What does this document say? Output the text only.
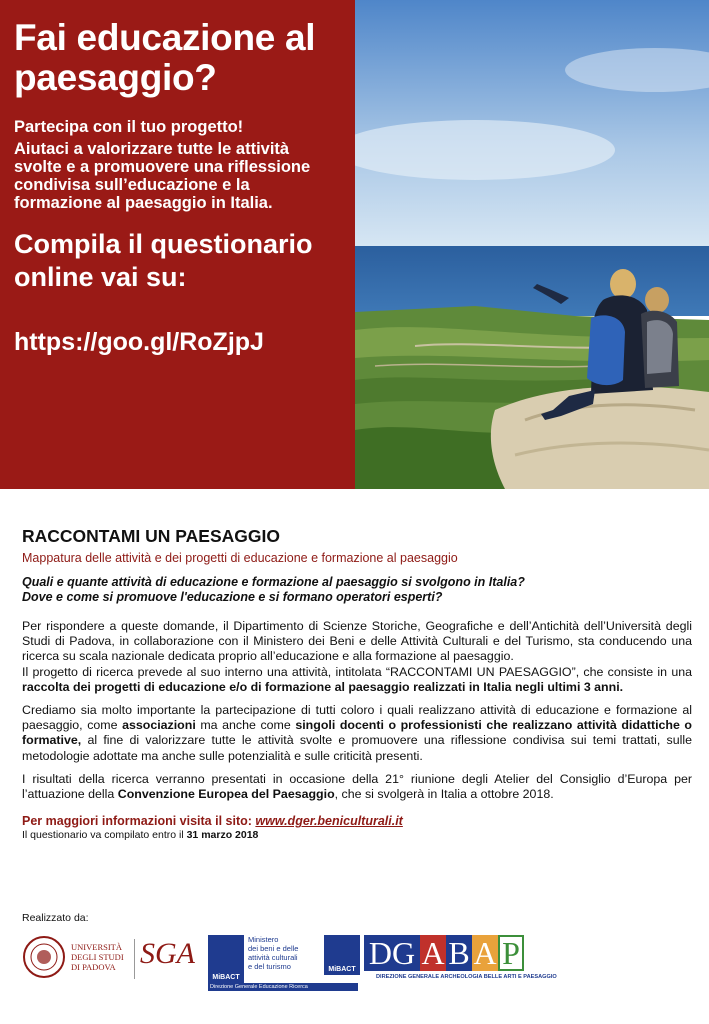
Fai educazione al paesaggio?

Partecipa con il tuo progetto!

Aiutaci a valorizzare tutte le attività svolte e a promuovere una riflessione condivisa sull’educazione e la formazione al paesaggio in Italia.

Compila il questionario online vai su:

https://goo.gl/RoZjpJ
RACCONTAMI UN PAESAGGIO

Mappatura delle attività e dei progetti di educazione e formazione al paesaggio

Quali e quante attività di educazione e formazione al paesaggio si svolgono in Italia?
Dove e come si promuove l'educazione e si formano operatori esperti?

Per rispondere a queste domande, il Dipartimento di Scienze Storiche, Geografiche e dell’Antichità dell’Università degli Studi di Padova, in collaborazione con il Ministero dei Beni e delle Attività Culturali e del Turismo, sta conducendo una ricerca su scala nazionale dedicata proprio all’educazione e alla formazione al paesaggio.

Il progetto di ricerca prevede al suo interno una attività, intitolata “RACCONTAMI UN PAESAGGIO”, che consiste in una raccolta dei progetti di educazione e/o di formazione al paesaggio realizzati in Italia negli ultimi 3 anni.

Crediamo sia molto importante la partecipazione di tutti coloro i quali realizzano attività di educazione e formazione al paesaggio, come associazioni ma anche come singoli docenti o professionisti che realizzano attività didattiche o formative, al fine di valorizzare tutte le attività svolte e promuovere una riflessione condivisa sui temi trattati, sulle metodologie adottate ma anche sulle potenzialità e sulle criticità presenti.

I risultati della ricerca verranno presentati in occasione della 21° riunione degli Atelier del Consiglio d’Europa per l’attuazione della Convenzione Europea del Paesaggio, che si svolgerà in Italia a ottobre 2018.

Per maggiori informazioni visita il sito: www.dger.beniculturali.it

Il questionario va compilato entro il 31 marzo 2018

Realizzato da:
UNIVERSITÀ
DEGLI STUDI
DI PADOVA SGA
MiBACT
Ministero
dei beni e delle
attività culturali
e del turismo
Direzione Generale Educazione Ricerca
MiBACT DG A B A P
DIREZIONE GENERALE ARCHEOLOGIA BELLE ARTI E PAESAGGIO
